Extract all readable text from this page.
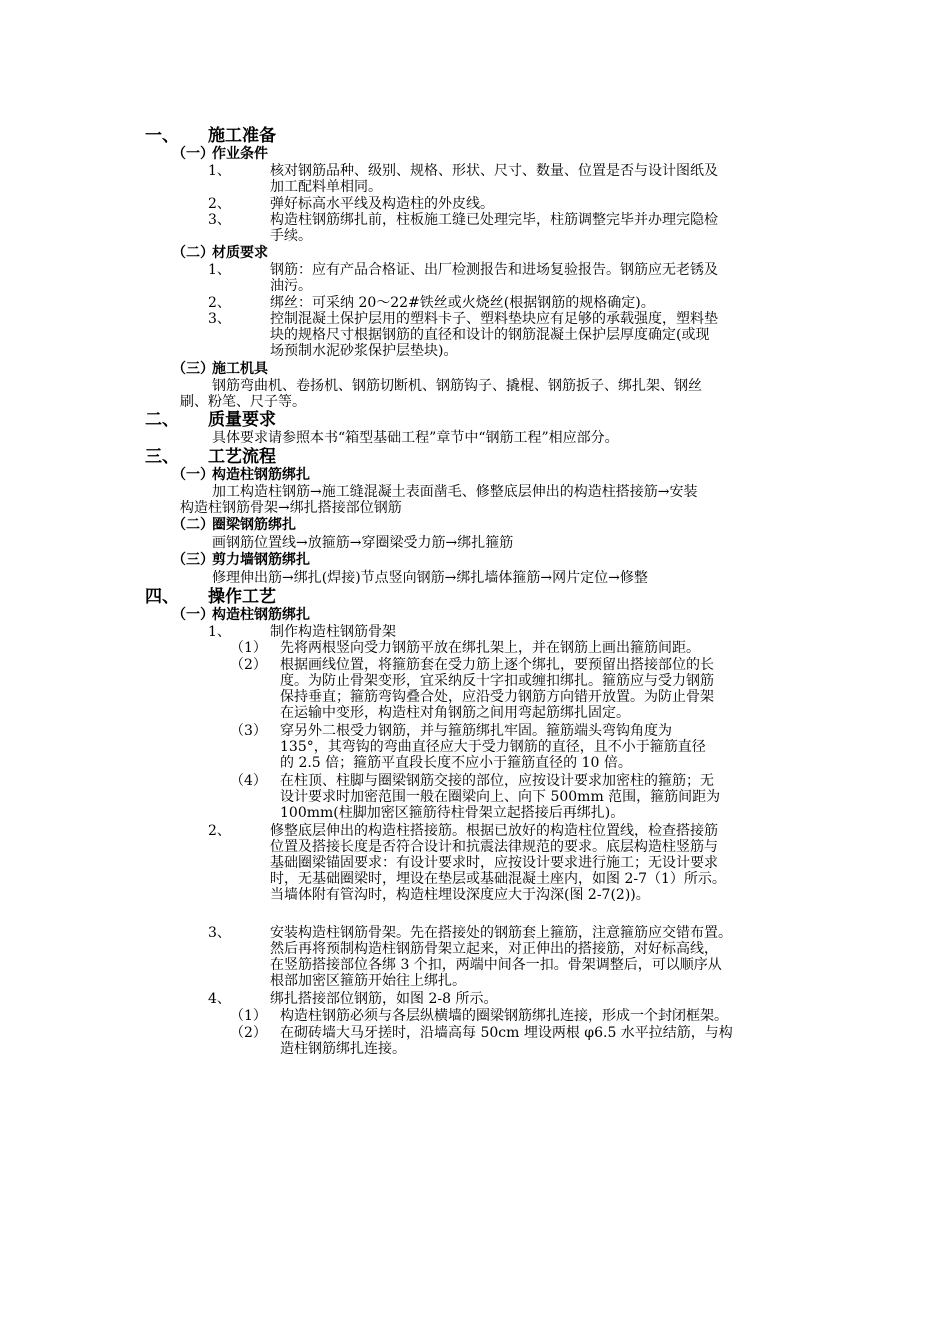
一、 施工准备
（一）
作业条件
1、	核对钢筋品种、级别、规格、形状、尺寸、数量、位置是否与设计图纸及
加工配料单相同。
2、	弹好标高水平线及构造柱的外皮线。
3、	构造柱钢筋绑扎前，柱板施工缝已处理完毕，柱筋调整完毕并办理完隐检
手续。
（二）
材质要求
1、	钢筋：应有产品合格证、出厂检测报告和进场复验报告。钢筋应无老锈及
油污。
2、	绑丝：可采纳 20～22#铁丝或火烧丝(根据钢筋的规格确定)。
3、	控制混凝土保护层用的塑料卡子、塑料垫块应有足够的承载强度，塑料垫
块的规格尺寸根据钢筋的直径和设计的钢筋混凝土保护层厚度确定(或现
场预制水泥砂浆保护层垫块)。
（三）
施工机具
钢筋弯曲机、卷扬机、钢筋切断机、钢筋钩子、撬棍、钢筋扳子、绑扎架、钢丝
刷、粉笔、尺子等。
二、 质量要求
具体要求请参照本书“箱型基础工程”章节中“钢筋工程”相应部分。
三、 工艺流程
（一）
构造柱钢筋绑扎
加工构造柱钢筋→施工缝混凝土表面凿毛、修整底层伸出的构造柱搭接筋→安装
构造柱钢筋骨架→绑扎搭接部位钢筋
（二）
圈梁钢筋绑扎
画钢筋位置线→放箍筋→穿圈梁受力筋→绑扎箍筋
（三）
剪力墙钢筋绑扎
修理伸出筋→绑扎(焊接)节点竖向钢筋→绑扎墙体箍筋→网片定位→修整
四、 操作工艺
（一）
构造柱钢筋绑扎
1、	制作构造柱钢筋骨架
（1） 先将两根竖向受力钢筋平放在绑扎架上，并在钢筋上画出箍筋间距。
（2） 根据画线位置，将箍筋套在受力筋上逐个绑扎，要预留出搭接部位的长
度。为防止骨架变形，宜采纳反十字扣或缠扣绑扎。箍筋应与受力钢筋
保持垂直；箍筋弯钩叠合处，应沿受力钢筋方向错开放置。为防止骨架
在运输中变形，构造柱对角钢筋之间用弯起筋绑扎固定。
（3） 穿另外二根受力钢筋，并与箍筋绑扎牢固。箍筋端头弯钩角度为
135°，其弯钩的弯曲直径应大于受力钢筋的直径，且不小于箍筋直径
的 2.5 倍；箍筋平直段长度不应小于箍筋直径的 10 倍。
（4） 在柱顶、柱脚与圈梁钢筋交接的部位，应按设计要求加密柱的箍筋；无
设计要求时加密范围一般在圈梁向上、向下 500mm 范围，箍筋间距为
100mm(柱脚加密区箍筋待柱骨架立起搭接后再绑扎)。
2、	修整底层伸出的构造柱搭接筋。根据已放好的构造柱位置线，检查搭接筋
位置及搭接长度是否符合设计和抗震法律规范的要求。底层构造柱竖筋与
基础圈梁锚固要求：有设计要求时，应按设计要求进行施工；无设计要求
时，无基础圈梁时，埋设在垫层或基础混凝土座内，如图 2-7（1）所示。
当墙体附有管沟时，构造柱埋设深度应大于沟深(图 2-7(2))。
3、	安装构造柱钢筋骨架。先在搭接处的钢筋套上箍筋，注意箍筋应交错布置。
然后再将预制构造柱钢筋骨架立起来，对正伸出的搭接筋，对好标高线，
在竖筋搭接部位各绑 3 个扣，两端中间各一扣。骨架调整后，可以顺序从
根部加密区箍筋开始往上绑扎。
4、	绑扎搭接部位钢筋，如图 2-8 所示。
（1） 构造柱钢筋必须与各层纵横墙的圈梁钢筋绑扎连接，形成一个封闭框架。
（2） 在砌砖墙大马牙搓时，沿墙高每 50cm 埋设两根 φ6.5 水平拉结筋，与构
造柱钢筋绑扎连接。
